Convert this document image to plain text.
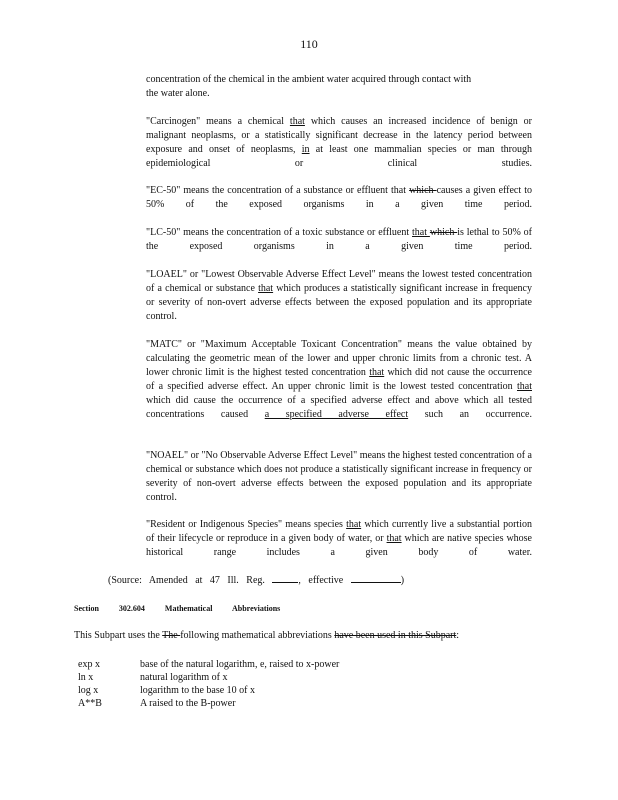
110
concentration of the chemical in the ambient water acquired through contact with
the water alone.
"Carcinogen" means a chemical that which causes an increased incidence of benign or malignant neoplasms, or a statistically significant decrease in the latency period between exposure and onset of neoplasms, in at least one mammalian species or man through epidemiological or clinical studies.
"EC-50" means the concentration of a substance or effluent that which causes a given effect to 50% of the exposed organisms in a given time period.
"LC-50" means the concentration of a toxic substance or effluent that which is lethal to 50% of the exposed organisms in a given time period.
"LOAEL" or "Lowest Observable Adverse Effect Level" means the lowest tested concentration of a chemical or substance that which produces a statistically significant increase in frequency or severity of non-overt adverse effects between the exposed population and its appropriate control.
"MATC" or "Maximum Acceptable Toxicant Concentration" means the value obtained by calculating the geometric mean of the lower and upper chronic limits from a chronic test. A lower chronic limit is the highest tested concentration that which did not cause the occurrence of a specified adverse effect. An upper chronic limit is the lowest tested concentration that which did cause the occurrence of a specified adverse effect and above which all tested concentrations caused a specified adverse effect such an occurrence.
"NOAEL" or "No Observable Adverse Effect Level" means the highest tested concentration of a chemical or substance which does not produce a statistically significant increase in frequency or severity of non-overt adverse effects between the exposed population and its appropriate control.
"Resident or Indigenous Species" means species that which currently live a substantial portion of their lifecycle or reproduce in a given body of water, or that which are native species whose historical range includes a given body of water.
(Source: Amended at 47 Ill. Reg.	, effective	)
Section 302.604	Mathematical Abbreviations
This Subpart uses the The following mathematical abbreviations have been used in this Subpart:
exp x	base of the natural logarithm, e, raised to x-power
ln x	natural logarithm of x
log x	logarithm to the base 10 of x
A**B	A raised to the B-power
